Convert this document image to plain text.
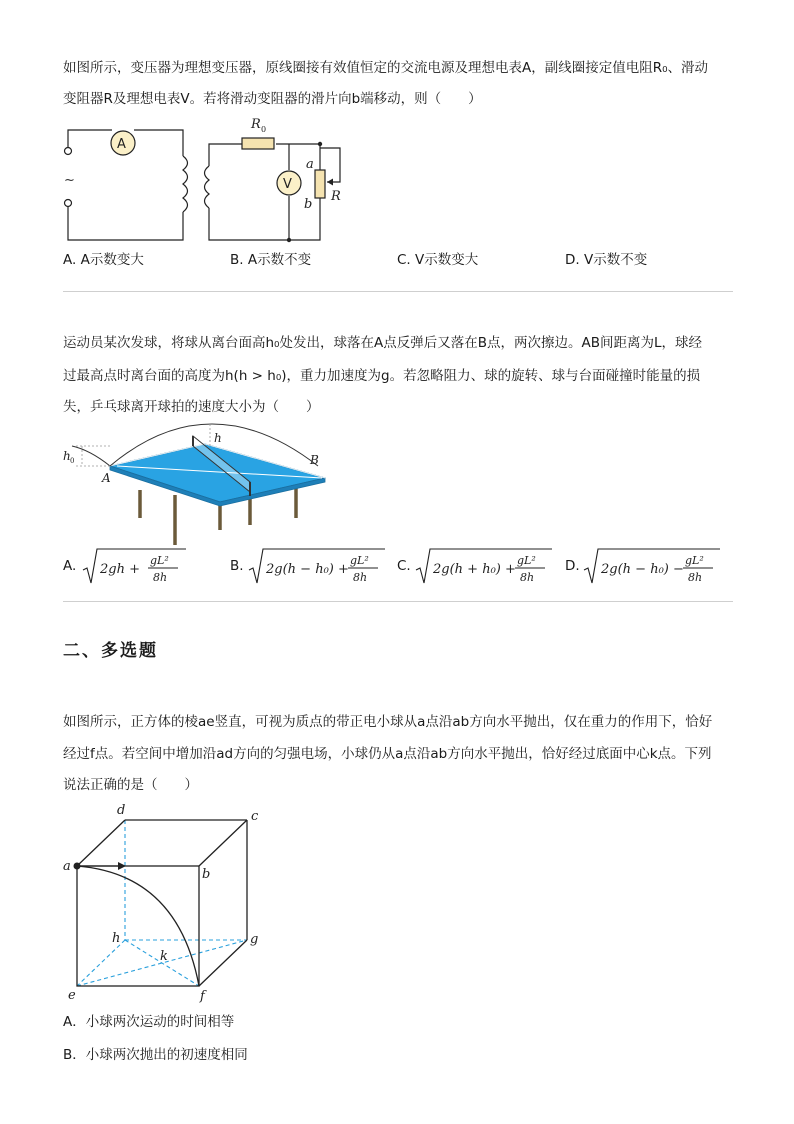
如图所示，变压器为理想变压器，原线圈接有效值恒定的交流电源及理想电表A，副线圈接定值电阻R₀、滑动
变阻器R及理想电表V。若将滑动变阻器的滑片向b端移动，则（　　）
~
A
R 0
V
a
b
R
A. A示数变大	B. A示数不变	C. V示数变大	D. V示数不变
运动员某次发球，将球从离台面高h₀处发出，球落在A点反弹后又落在B点，两次擦边。AB间距离为L，球经
过最高点时离台面的高度为h(h > h₀)，重力加速度为g。若忽略阻力、球的旋转、球与台面碰撞时能量的损
失，乒乓球离开球拍的速度大小为（　　）
h 0
h
A
B
A. 2gh +
gL²
8h
B. 2g(h − h₀) +
gL²
8h
C. 2g(h + h₀) +
gL²
8h
D. 2g(h − h₀) −
gL²
8h
二、多选题
如图所示，正方体的棱ae竖直，可视为质点的带正电小球从a点沿ab方向水平抛出，仅在重力的作用下，恰好
经过f点。若空间中增加沿ad方向的匀强电场，小球仍从a点沿ab方向水平抛出，恰好经过底面中心k点。下列
说法正确的是（　　）
a
b
c
d
e	f
g
h
k
A．小球两次运动的时间相等
B．小球两次抛出的初速度相同
